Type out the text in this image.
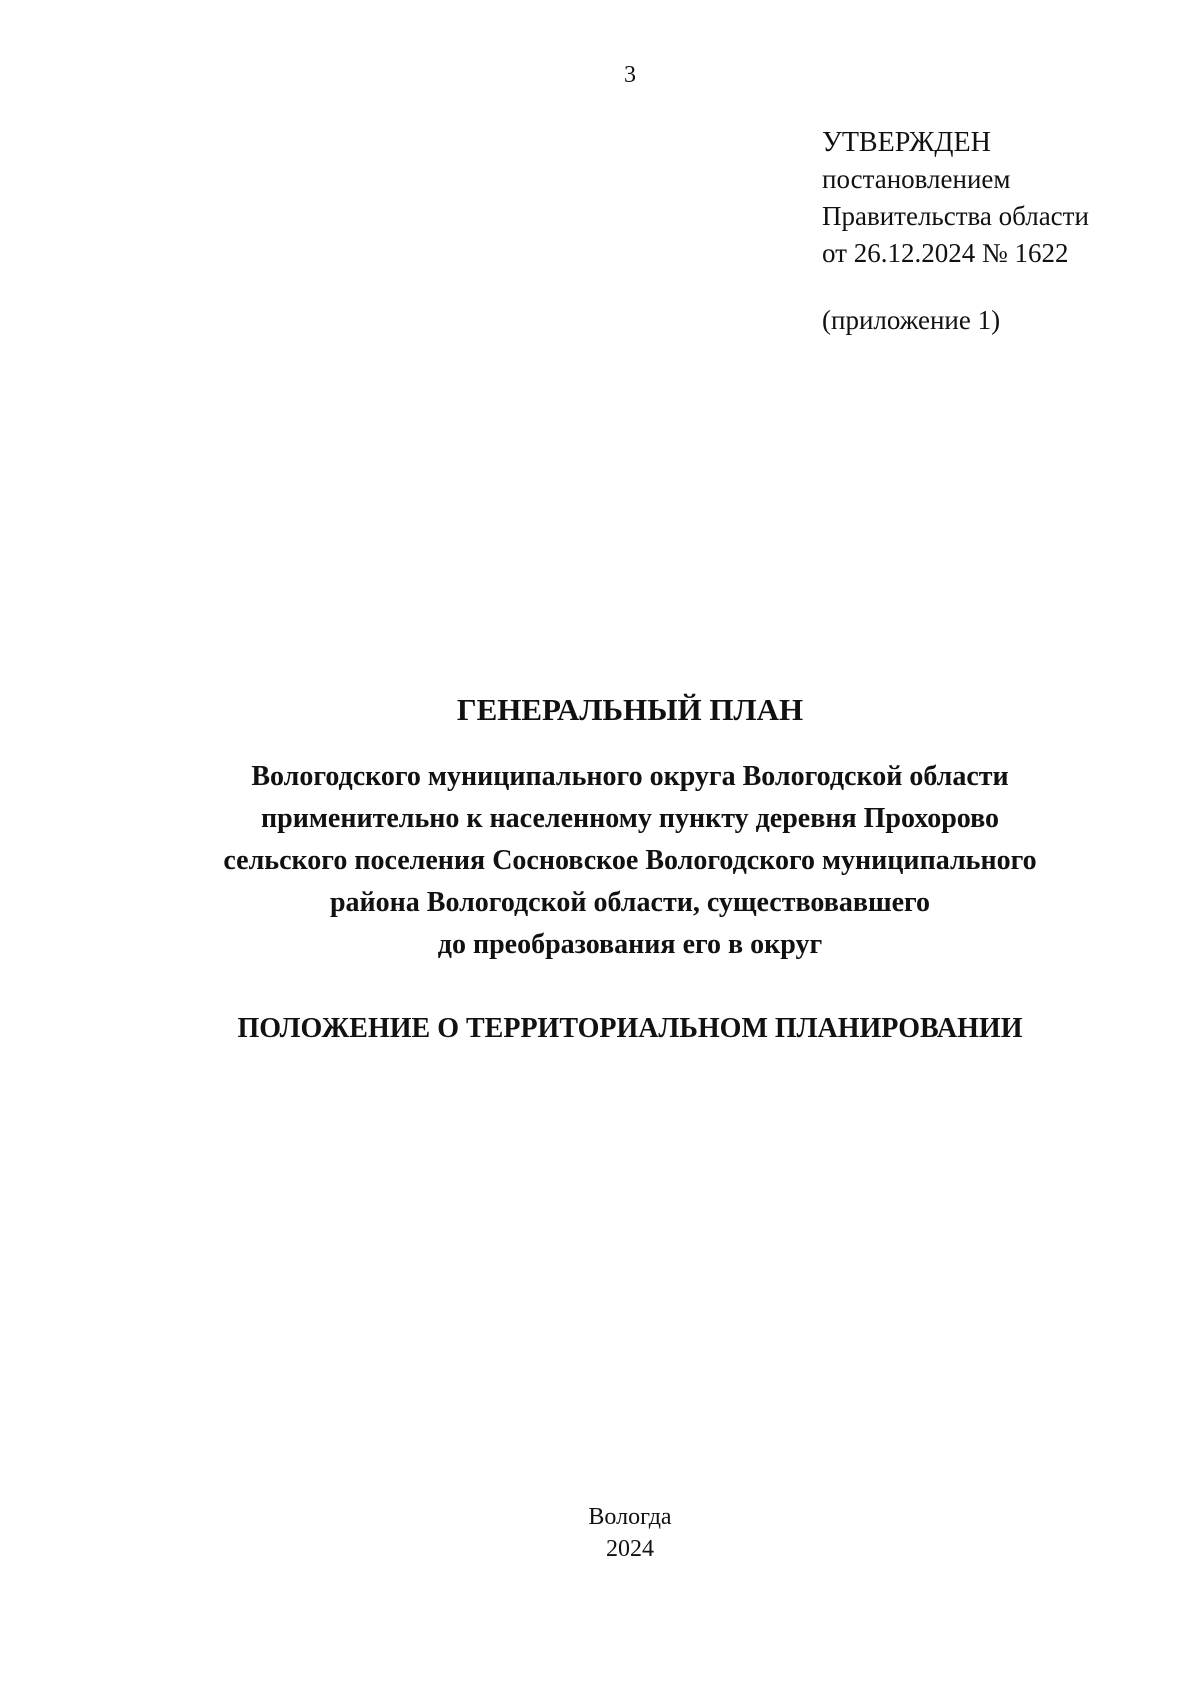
3
УТВЕРЖДЕН
постановлением
Правительства области
от 26.12.2024 № 1622
(приложение 1)
ГЕНЕРАЛЬНЫЙ ПЛАН
Вологодского муниципального округа Вологодской области
применительно к населенному пункту деревня Прохорово
сельского поселения Сосновское Вологодского муниципального
района Вологодской области, существовавшего
до преобразования его в округ
ПОЛОЖЕНИЕ О ТЕРРИТОРИАЛЬНОМ ПЛАНИРОВАНИИ
Вологда
2024
